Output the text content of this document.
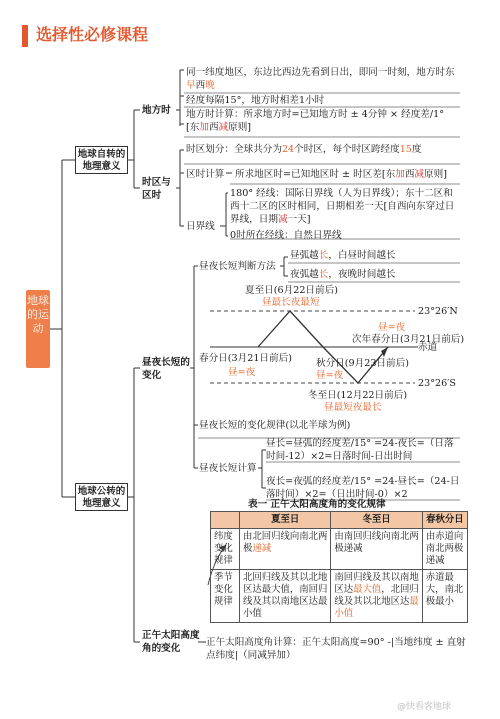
选择性必修课程
地球的运动
地球自转的地理意义
地方时
同一纬度地区，东边比西边先看到日出，即同一时刻，地方时东早西晚
经度每隔15°，地方时相差1小时
地方时计算：所求地方时=已知地方时 ± 4分钟 × 经度差/1°
[东加西减原则]
时区与区时
时区划分：全球共分为24个时区，每个时区跨经度15度
区时计算 所求地区时=已知地区时 ± 时区差[东加西减原则]
日界线
180° 经线：国际日界线（人为日界线）；东十二区和西十二区的区时相同，日期相差一天[自西向东穿过日界线，日期减一天]
0时所在经线：自然日界线
地球公转的地理意义
昼夜长短的变化
昼夜长短判断方法
昼弧越长，白昼时间越长
夜弧越长，夜晚时间越长
夏至日(6月22日前后)
昼最长夜最短
23°26′N
昼=夜
次年春分日(3月21日前后)
赤道
春分日(3月21日前后)	秋分日(9月23日前后)
昼=夜	昼=夜
23°26′S
冬至日(12月22日前后)
昼最短夜最长
昼夜长短的变化规律(以北半球为例)
昼夜长短计算
昼长=昼弧的经度差/15° =24-夜长=（日落时间-12）×2=日落时间-日出时间
夜长=夜弧的经度差/15° =24-昼长=（24-日落时间）×2=（日出时间-0）×2
正午太阳高度角的变化
表一 正午太阳高度角的变化规律
	夏至日	冬至日	春秋分日
纬度变化规律	由北回归线向南北两极递减	由南回归线向南北两极递减	由赤道向南北两极递减
季节变化规律	北回归线及其以北地区达最大值，南回归线及其以南地区达最小值	南回归线及其以南地区达最大值，北回归线及其以北地区达最小值	赤道最大，南北极最小
正午太阳高度角计算：正午太阳高度=90° -|当地纬度 ± 直射点纬度|（同减异加）
@快看客地球
